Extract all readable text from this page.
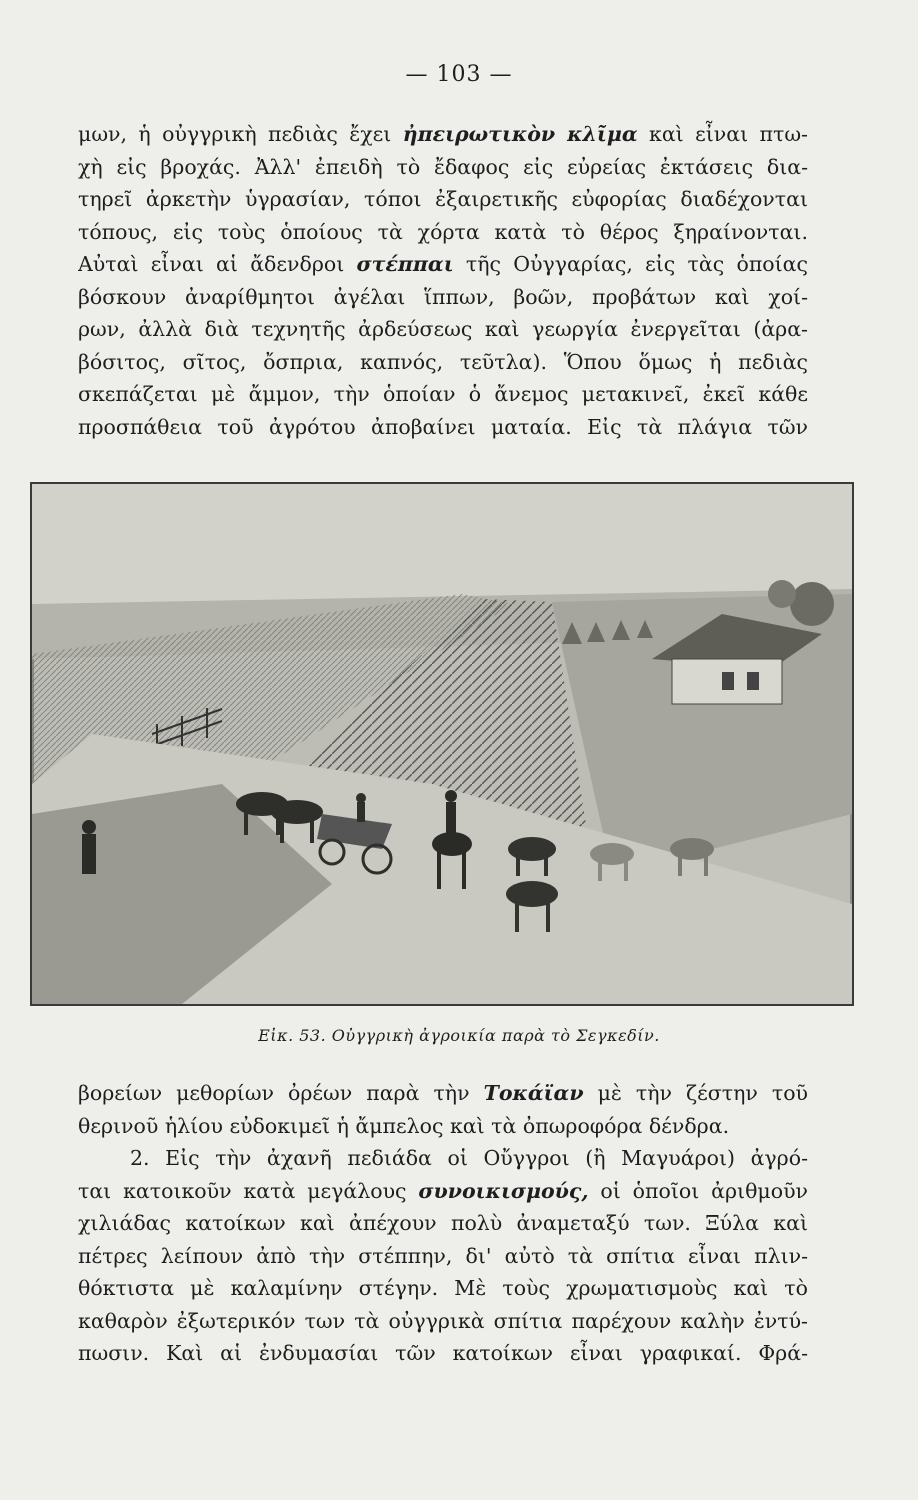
— 103 —
μων, ἡ οὐγγρικὴ πεδιὰς ἔχει ἠπειρωτικὸν κλῖμα καὶ εἶναι πτω-
χὴ εἰς βροχάς. Ἀλλ' ἐπειδὴ τὸ ἔδαφος εἰς εὐρείας ἐκτάσεις δια-
τηρεῖ ἀρκετὴν ὑγρασίαν, τόποι ἐξαιρετικῆς εὐφορίας διαδέχονται
τόπους, εἰς τοὺς ὁποίους τὰ χόρτα κατὰ τὸ θέρος ξηραίνονται.
Αὐταὶ εἶναι αἱ ἄδενδροι στέππαι τῆς Οὐγγαρίας, εἰς τὰς ὁποίας
βόσκουν ἀναρίθμητοι ἀγέλαι ἵππων, βοῶν, προβάτων καὶ χοί-
ρων, ἀλλὰ διὰ τεχνητῆς ἀρδεύσεως καὶ γεωργία ἐνεργεῖται (ἀρα-
βόσιτος, σῖτος, ὄσπρια, καπνός, τεῦτλα). Ὅπου ὅμως ἡ πεδιὰς
σκεπάζεται μὲ ἄμμον, τὴν ὁποίαν ὁ ἄνεμος μετακινεῖ, ἐκεῖ κάθε
προσπάθεια τοῦ ἀγρότου ἀποβαίνει ματαία. Εἰς τὰ πλάγια τῶν
Εἰκ. 53. Οὐγγρικὴ ἀγροικία παρὰ τὸ Σεγκεδίν.
βορείων μεθορίων ὀρέων παρὰ τὴν Τοκάϊαν μὲ τὴν ζέστην τοῦ
θερινοῦ ἡλίου εὐδοκιμεῖ ἡ ἄμπελος καὶ τὰ ὀπωροφόρα δένδρα.
2. Εἰς τὴν ἀχανῆ πεδιάδα οἱ Οὔγγροι (ἢ Μαγυάροι) ἀγρό-
ται κατοικοῦν κατὰ μεγάλους συνοικισμούς, οἱ ὁποῖοι ἀριθμοῦν
χιλιάδας κατοίκων καὶ ἀπέχουν πολὺ ἀναμεταξύ των. Ξύλα καὶ
πέτρες λείπουν ἀπὸ τὴν στέππην, δι' αὐτὸ τὰ σπίτια εἶναι πλιν-
θόκτιστα μὲ καλαμίνην στέγην. Μὲ τοὺς χρωματισμοὺς καὶ τὸ
καθαρὸν ἐξωτερικόν των τὰ οὐγγρικὰ σπίτια παρέχουν καλὴν ἐντύ-
πωσιν. Καὶ αἱ ἐνδυμασίαι τῶν κατοίκων εἶναι γραφικαί. Φρά-
